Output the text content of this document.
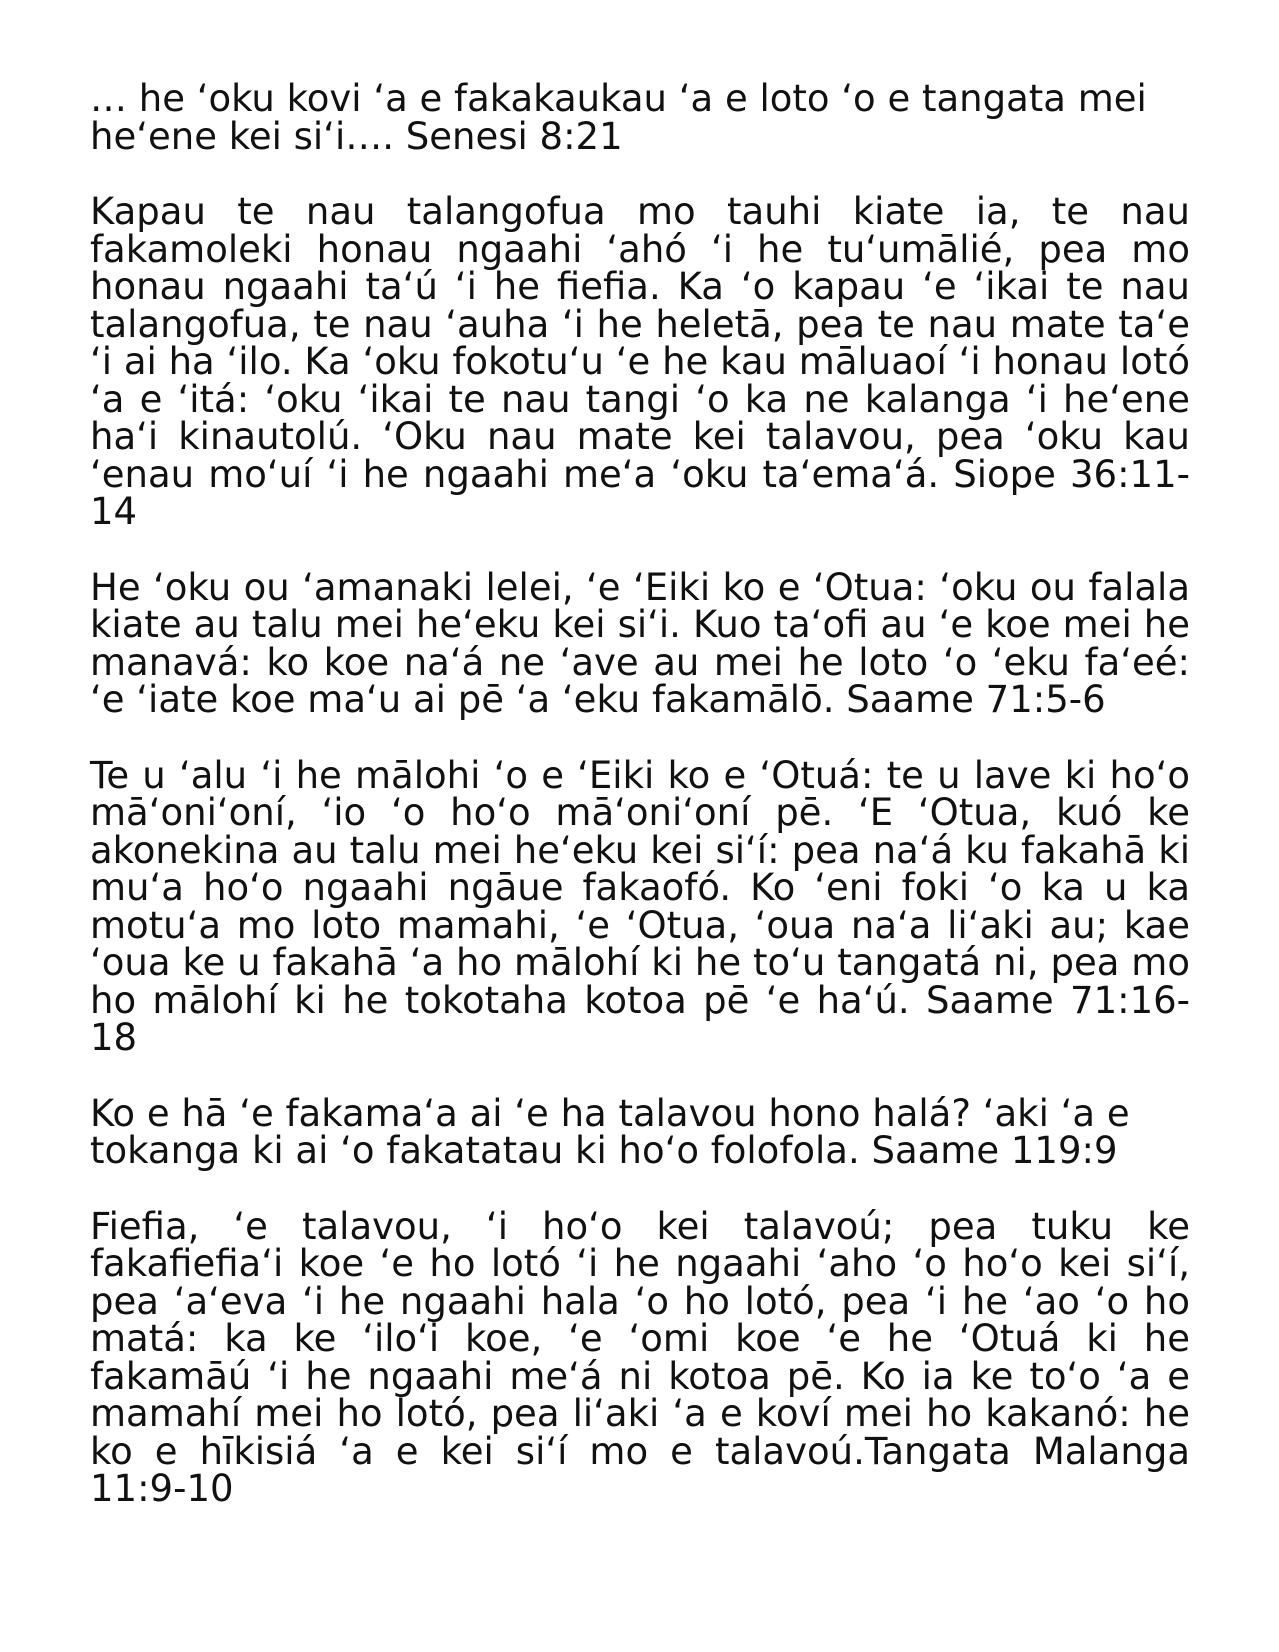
… he ‘oku kovi ‘a e fakakaukau ‘a e loto ‘o e tangata mei he‘ene kei si‘i…. Senesi 8:21

Kapau te nau talangofua mo tauhi kiate ia, te nau fakamoleki honau ngaahi ‘ahó ‘i he tu‘umālié, pea mo honau ngaahi ta‘ú ‘i he fiefia. Ka ‘o kapau ‘e ‘ikai te nau talangofua, te nau ‘auha ‘i he heletā, pea te nau mate ta‘e ‘i ai ha ‘ilo. Ka ‘oku fokotu‘u ‘e he kau māluaoí ‘i honau lotó ‘a e ‘itá: ‘oku ‘ikai te nau tangi ‘o ka ne kalanga ‘i he‘ene ha‘i kinautolú. ‘Oku nau mate kei talavou, pea ‘oku kau ‘enau mo‘uí ‘i he ngaahi me‘a ‘oku ta‘ema‘á. Siope 36:11-14

He ‘oku ou ‘amanaki lelei, ‘e ‘Eiki ko e ‘Otua: ‘oku ou falala kiate au talu mei he‘eku kei si‘i. Kuo ta‘ofi au ‘e koe mei he manavá: ko koe na‘á ne ‘ave au mei he loto ‘o ‘eku fa‘eé: ‘e ‘iate koe ma‘u ai pē ‘a ‘eku fakamālō. Saame 71:5-6

Te u ‘alu ‘i he mālohi ‘o e ‘Eiki ko e ‘Otuá: te u lave ki ho‘o mā‘oni‘oní, ‘io ‘o ho‘o mā‘oni‘oní pē. ‘E ‘Otua, kuó ke akonekina au talu mei he‘eku kei si‘í: pea na‘á ku fakahā ki mu‘a ho‘o ngaahi ngāue fakaofó. Ko ‘eni foki ‘o ka u ka motu‘a mo loto mamahi, ‘e ‘Otua, ‘oua na‘a li‘aki au; kae ‘oua ke u fakahā ‘a ho mālohí ki he to‘u tangatá ni, pea mo ho mālohí ki he tokotaha kotoa pē ‘e ha‘ú. Saame 71:16-18

Ko e hā ‘e fakama‘a ai ‘e ha talavou hono halá? ‘aki ‘a e tokanga ki ai ‘o fakatatau ki ho‘o folofola. Saame 119:9

Fiefia, ‘e talavou, ‘i ho‘o kei talavoú; pea tuku ke fakafiefia‘i koe ‘e ho lotó ‘i he ngaahi ‘aho ‘o ho‘o kei si‘í, pea ‘a‘eva ‘i he ngaahi hala ‘o ho lotó, pea ‘i he ‘ao ‘o ho matá: ka ke ‘ilo‘i koe, ‘e ‘omi koe ‘e he ‘Otuá ki he fakamāú ‘i he ngaahi me‘á ni kotoa pē. Ko ia ke to‘o ‘a e mamahí mei ho lotó, pea li‘aki ‘a e koví mei ho kakanó: he ko e hīkisiá ‘a e kei si‘í mo e talavoú.Tangata Malanga 11:9-10
